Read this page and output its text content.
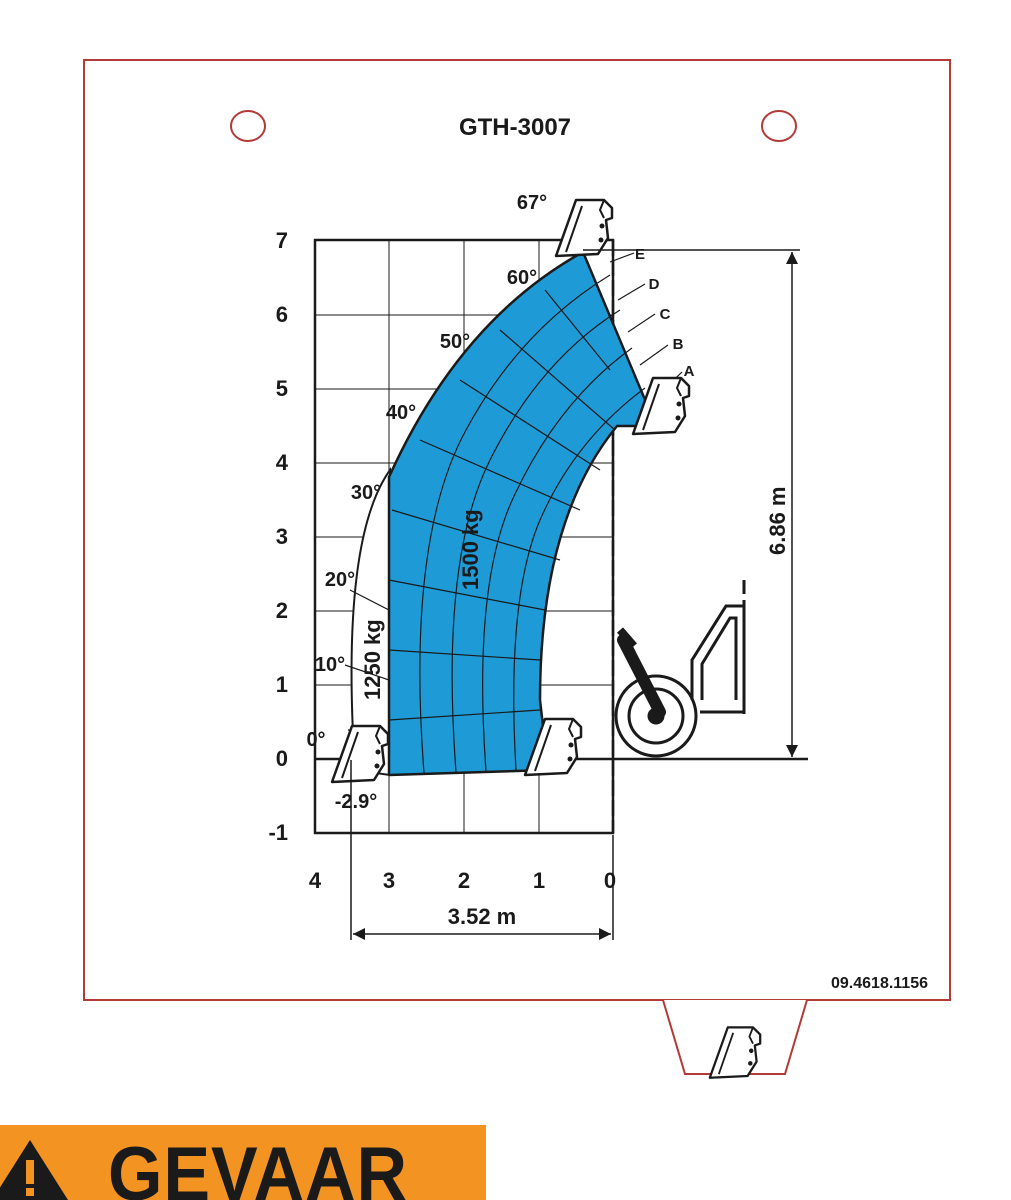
GTH-3007
7
6
5
4
3
2
1
0
-1
4	3	2	1	0
67°
60°
50°
40°
30°
20°
10°
0°
-2.9°
E
D
C
B
A
1500 kg
1250 kg
6.86 m
3.52 m
09.4618.1156
GEVAAR
